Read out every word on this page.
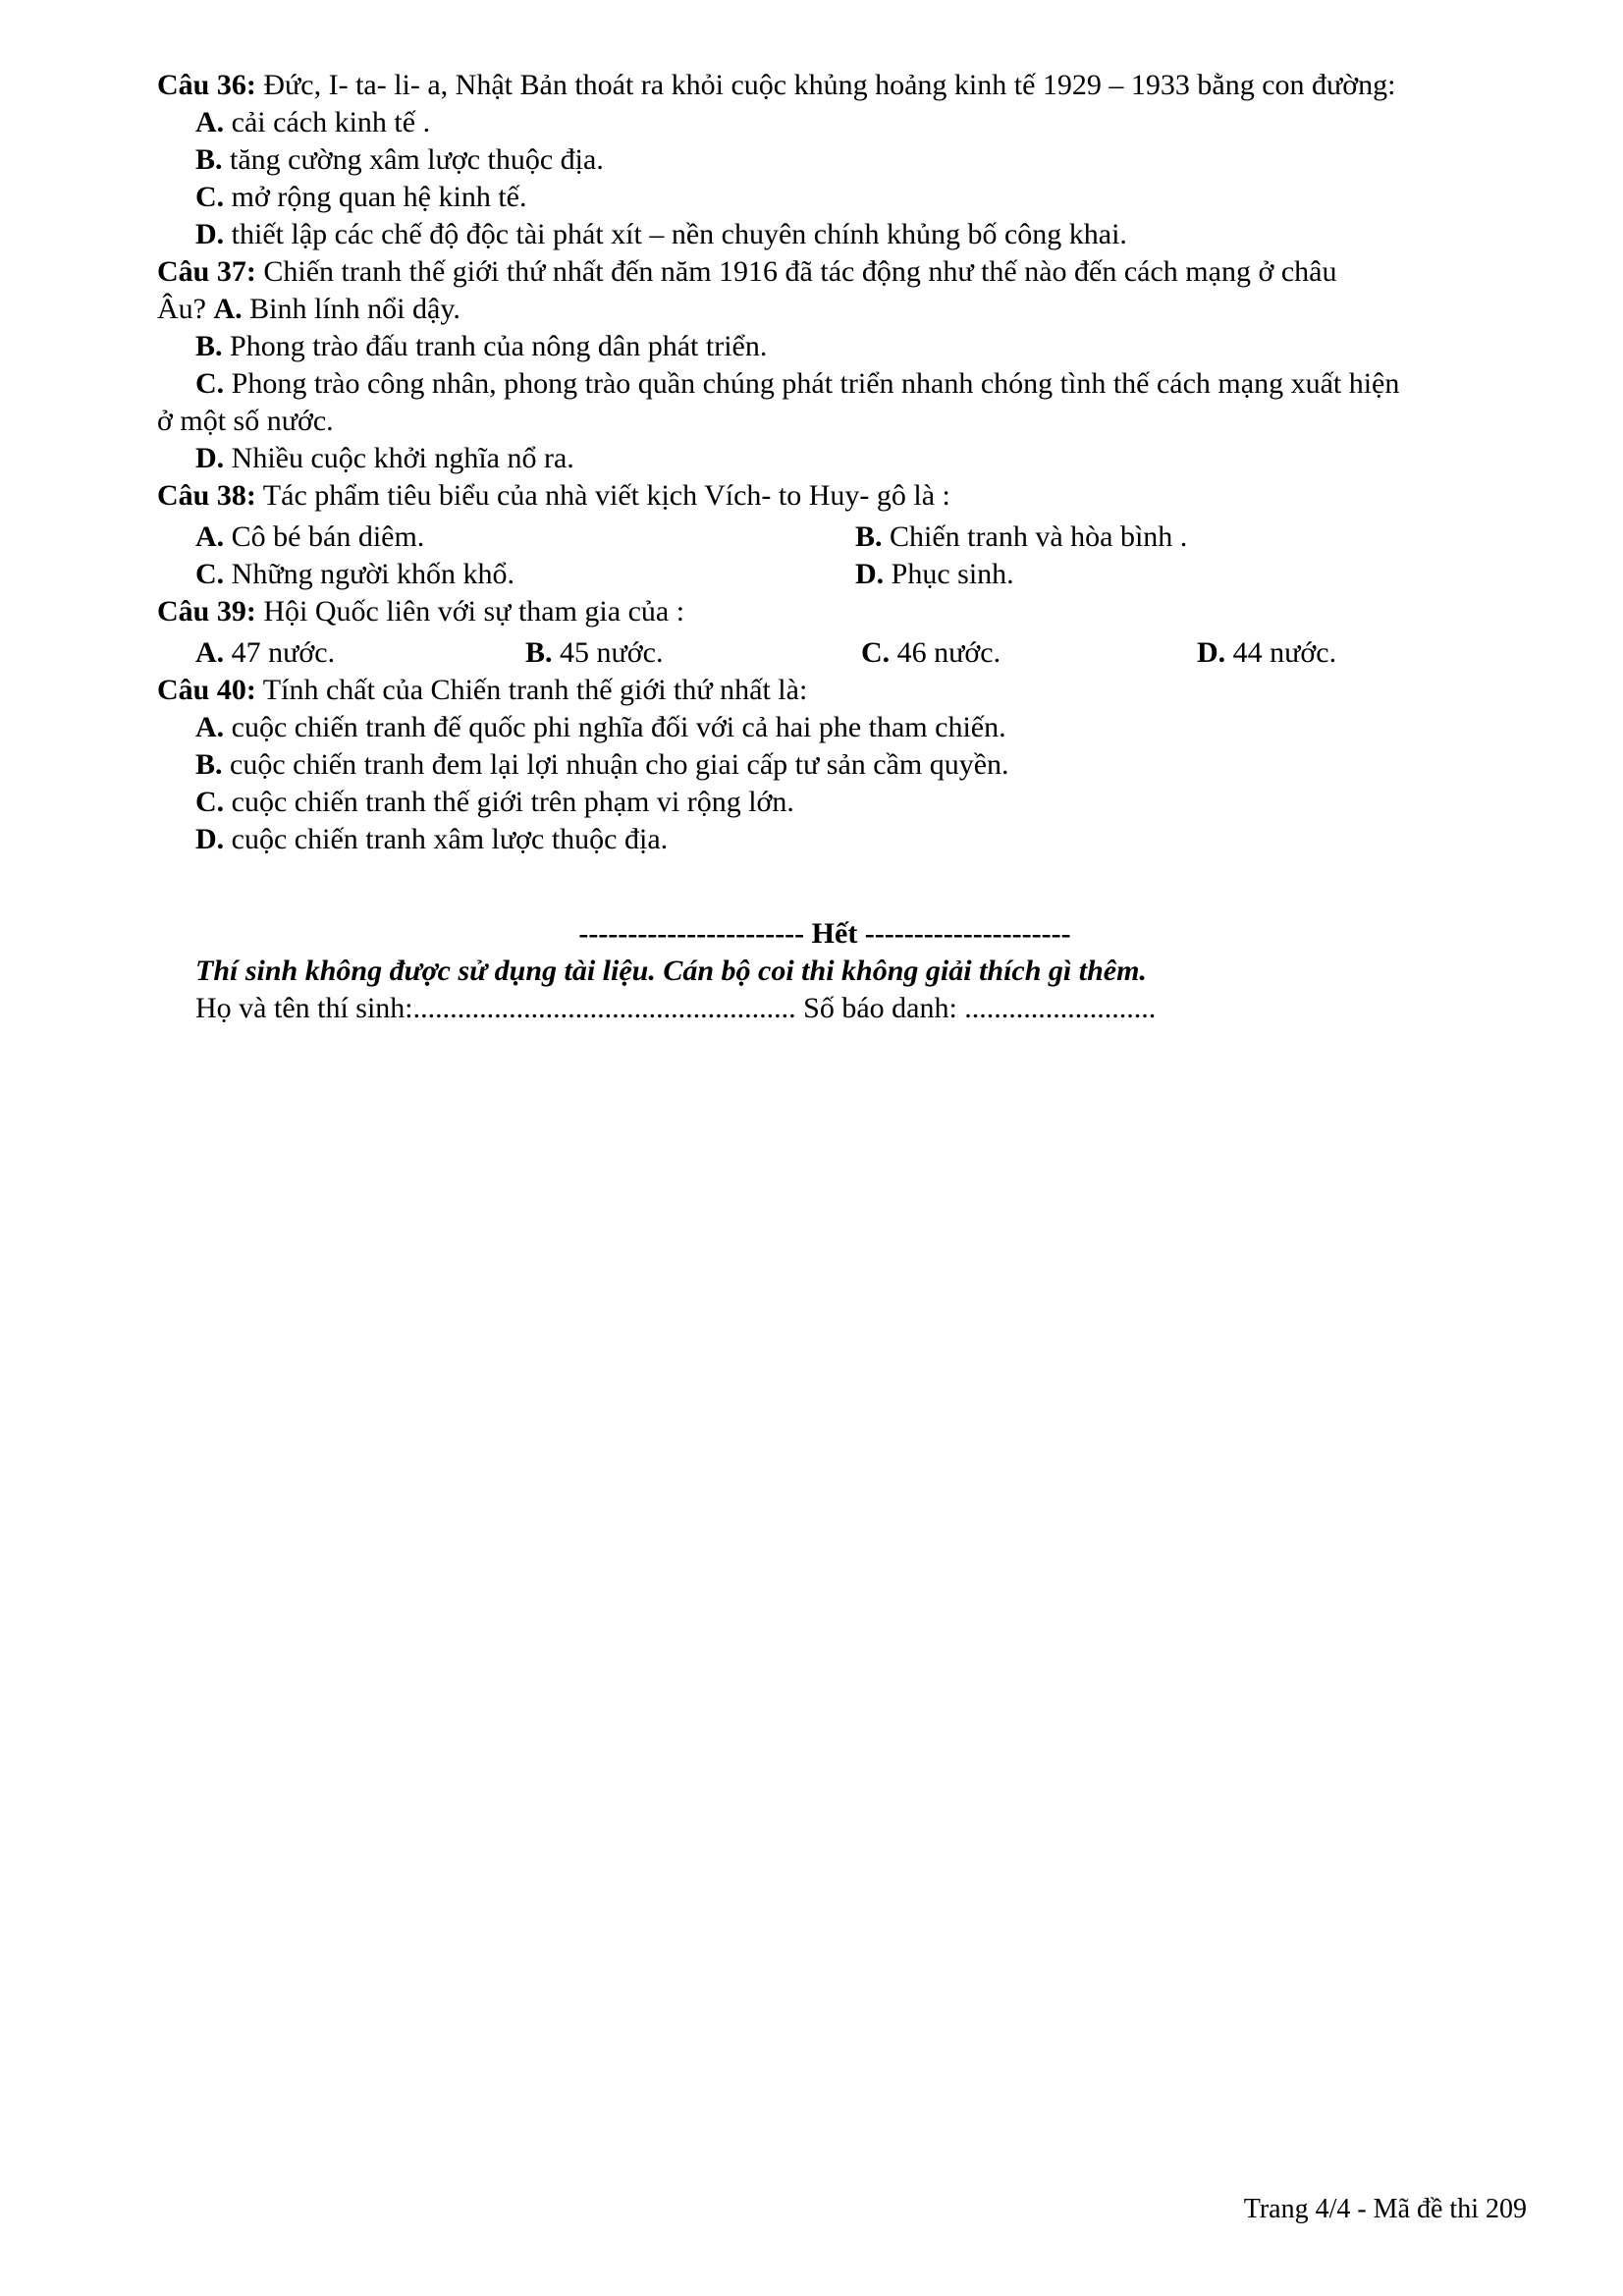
Câu 36: Đức, I- ta- li- a, Nhật Bản thoát ra khỏi cuộc khủng hoảng kinh tế 1929 – 1933 bằng con đường:

A. cải cách kinh tế .

B. tăng cường xâm lược thuộc địa.

C. mở rộng quan hệ kinh tế.

D. thiết lập các chế độ độc tài phát xít – nền chuyên chính khủng bố công khai.

Câu 37: Chiến tranh thế giới thứ nhất đến năm 1916 đã tác động như thế nào đến cách mạng ở châu

Âu? A. Binh lính nổi dậy.

B. Phong trào đấu tranh của nông dân phát triển.

C. Phong trào công nhân, phong trào quần chúng phát triển nhanh chóng tình thế cách mạng xuất hiện

ở một số nước.

D. Nhiều cuộc khởi nghĩa nổ ra.

Câu 38: Tác phẩm tiêu biểu của nhà viết kịch Vích- to Huy- gô là :

A. Cô bé bán diêm.	B. Chiến tranh và hòa bình .

C. Những người khốn khổ.	D. Phục sinh.

Câu 39: Hội Quốc liên với sự tham gia của :

A. 47 nước.	B. 45 nước.	C. 46 nước.	D. 44 nước.

Câu 40: Tính chất của Chiến tranh thế giới thứ nhất là:

A. cuộc chiến tranh đế quốc phi nghĩa đối với cả hai phe tham chiến.

B. cuộc chiến tranh đem lại lợi nhuận cho giai cấp tư sản cầm quyền.

C. cuộc chiến tranh thế giới trên phạm vi rộng lớn.

D. cuộc chiến tranh xâm lược thuộc địa.

----------------------- Hết ---------------------

Thí sinh không được sử dụng tài liệu. Cán bộ coi thi không giải thích gì thêm.

Họ và tên thí sinh:.................................................... Số báo danh: ..........................

Trang 4/4 - Mã đề thi 209
